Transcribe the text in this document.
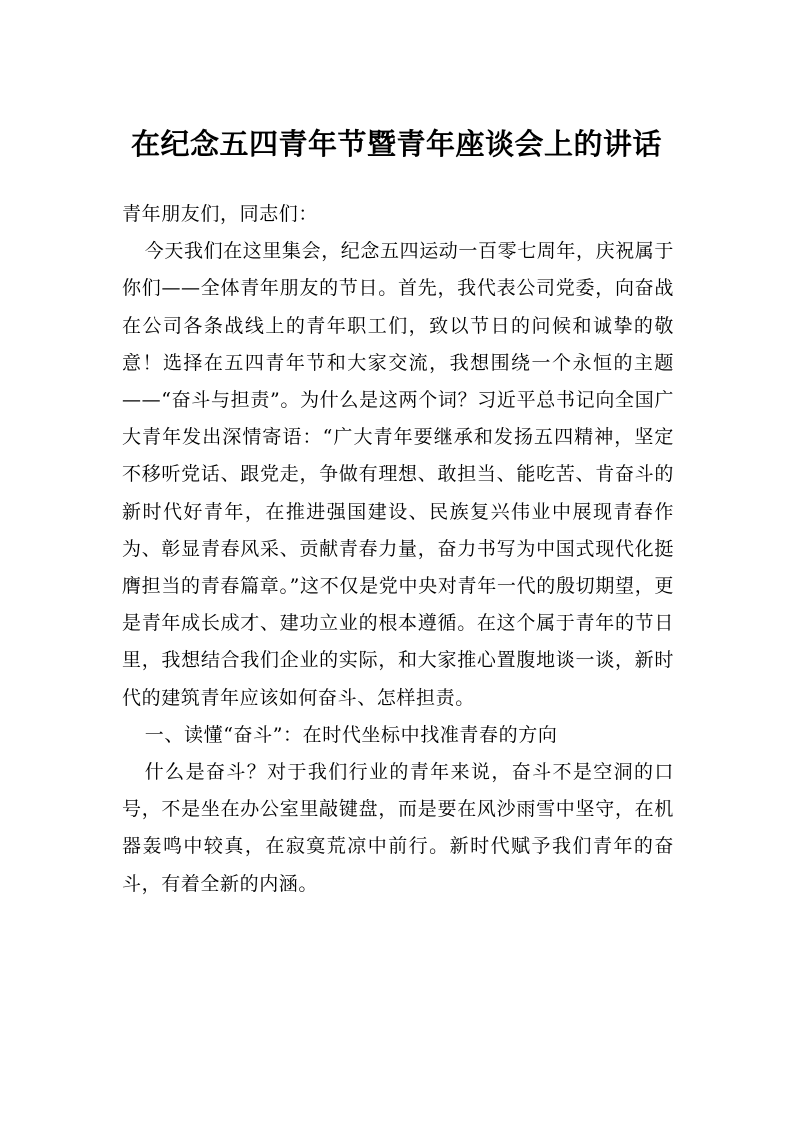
在纪念五四青年节暨青年座谈会上的讲话

青年朋友们，同志们：

今天我们在这里集会，纪念五四运动一百零七周年，庆祝属于你们——全体青年朋友的节日。首先，我代表公司党委，向奋战在公司各条战线上的青年职工们，致以节日的问候和诚挚的敬意！选择在五四青年节和大家交流，我想围绕一个永恒的主题——“奋斗与担责”。为什么是这两个词？习近平总书记向全国广大青年发出深情寄语：“广大青年要继承和发扬五四精神，坚定不移听党话、跟党走，争做有理想、敢担当、能吃苦、肯奋斗的新时代好青年，在推进强国建设、民族复兴伟业中展现青春作为、彰显青春风采、贡献青春力量，奋力书写为中国式现代化挺膺担当的青春篇章。”这不仅是党中央对青年一代的殷切期望，更是青年成长成才、建功立业的根本遵循。在这个属于青年的节日里，我想结合我们企业的实际，和大家推心置腹地谈一谈，新时代的建筑青年应该如何奋斗、怎样担责。

一、读懂“奋斗”：在时代坐标中找准青春的方向

什么是奋斗？对于我们行业的青年来说，奋斗不是空洞的口号，不是坐在办公室里敲键盘，而是要在风沙雨雪中坚守，在机器轰鸣中较真，在寂寞荒凉中前行。新时代赋予我们青年的奋斗，有着全新的内涵。
